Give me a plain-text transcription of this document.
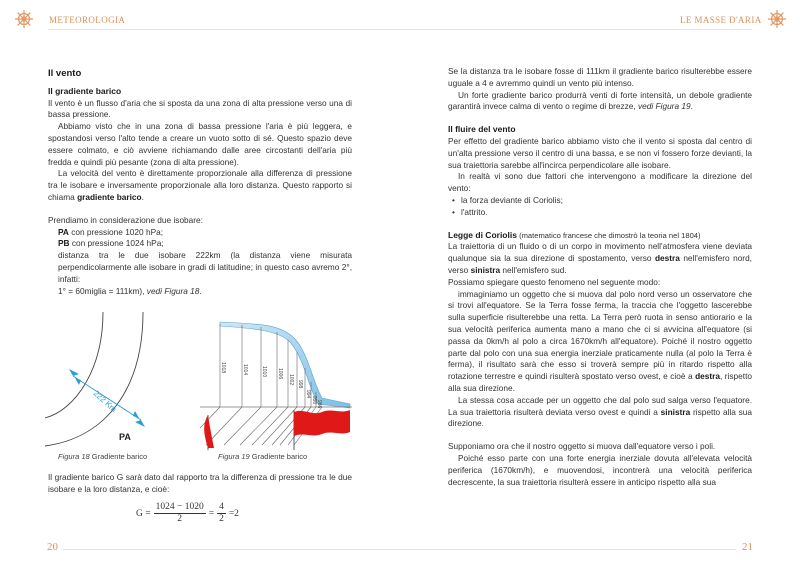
METEOROLOGIA
Il vento
Il gradiente barico

Il vento è un flusso d'aria che si sposta da una zona di alta pressione verso una di bassa pressione.

Abbiamo visto che in una zona di bassa pressione l'aria è più leggera, e spostandosi verso l'alto tende a creare un vuoto sotto di sé. Questo spazio deve essere colmato, e ciò avviene richiamando dalle aree circostanti dell'aria più fredda e quindi più pesante (zona di alta pressione).

La velocità del vento è direttamente proporzionale alla differenza di pressione tra le isobare e inversamente proporzionale alla loro distanza. Questo rapporto si chiama gradiente barico.

Prendiamo in considerazione due isobare:

PA con pressione 1020 hPa;

PB con pressione 1024 hPa;

distanza tra le due isobare 222km (la distanza viene misurata perpendicolarmente alle isobare in gradi di latitudine; in questo caso avremo 2°, infatti:

1° = 60miglia = 111km), vedi Figura 18.

222 Km
PA
Figura 18 Gradiente barico
1018	1014	1010 1006
1002 998
994
990 986
Figura 19 Gradiente barico

Il gradiente barico G sarà dato dal rapporto tra la differenza di pressione tra le due isobare e la loro distanza, e cioè:

$G = \frac{1024 - 1020}{2} = \frac{4}{2} =2$
20
LE MASSE D'ARIA

Se la distanza tra le isobare fosse di 111km il gradiente barico risulterebbe essere uguale a 4 e avremmo quindi un vento più intenso.

Un forte gradiente barico produrrà venti di forte intensità, un debole gradiente garantirà invece calma di vento o regime di brezze, vedi Figura 19.

Il fluire del vento

Per effetto del gradiente barico abbiamo visto che il vento si sposta dal centro di un'alta pressione verso il centro di una bassa, e se non vi fossero forze devianti, la sua traiettoria sarebbe all'incirca perpendicolare alle isobare.

In realtà vi sono due fattori che intervengono a modificare la direzione del vento:

• la forza deviante di Coriolis;
• l'attrito.

Legge di Coriolis (matematico francese che dimostrò la teoria nel 1804)

La traiettoria di un fluido o di un corpo in movimento nell'atmosfera viene deviata qualunque sia la sua direzione di spostamento, verso destra nell'emisfero nord, verso sinistra nell'emisfero sud.

Possiamo spiegare questo fenomeno nel seguente modo:

immaginiamo un oggetto che si muova dal polo nord verso un osservatore che si trovi all'equatore. Se la Terra fosse ferma, la traccia che l'oggetto lascerebbe sulla superficie risulterebbe una retta. La Terra però ruota in senso antiorario e la sua velocità periferica aumenta mano a mano che ci si avvicina all'equatore (si passa da 0km/h al polo a circa 1670km/h all'equatore). Poiché il nostro oggetto parte dal polo con una sua energia inerziale praticamente nulla (al polo la Terra è ferma), il risultato sarà che esso si troverà sempre più in ritardo rispetto alla rotazione terrestre e quindi risulterà spostato verso ovest, e cioè a destra, rispetto alla sua direzione.

La stessa cosa accade per un oggetto che dal polo sud salga verso l'equatore. La sua traiettoria risulterà deviata verso ovest e quindi a sinistra rispetto alla sua direzione.

Supponiamo ora che il nostro oggetto si muova dall'equatore verso i poli.

Poiché esso parte con una forte energia inerziale dovuta all'elevata velocità periferica (1670km/h), e muovendosi, incontrerà una velocità periferica decrescente, la sua traiettoria risulterà essere in anticipo rispetto alla sua

21
